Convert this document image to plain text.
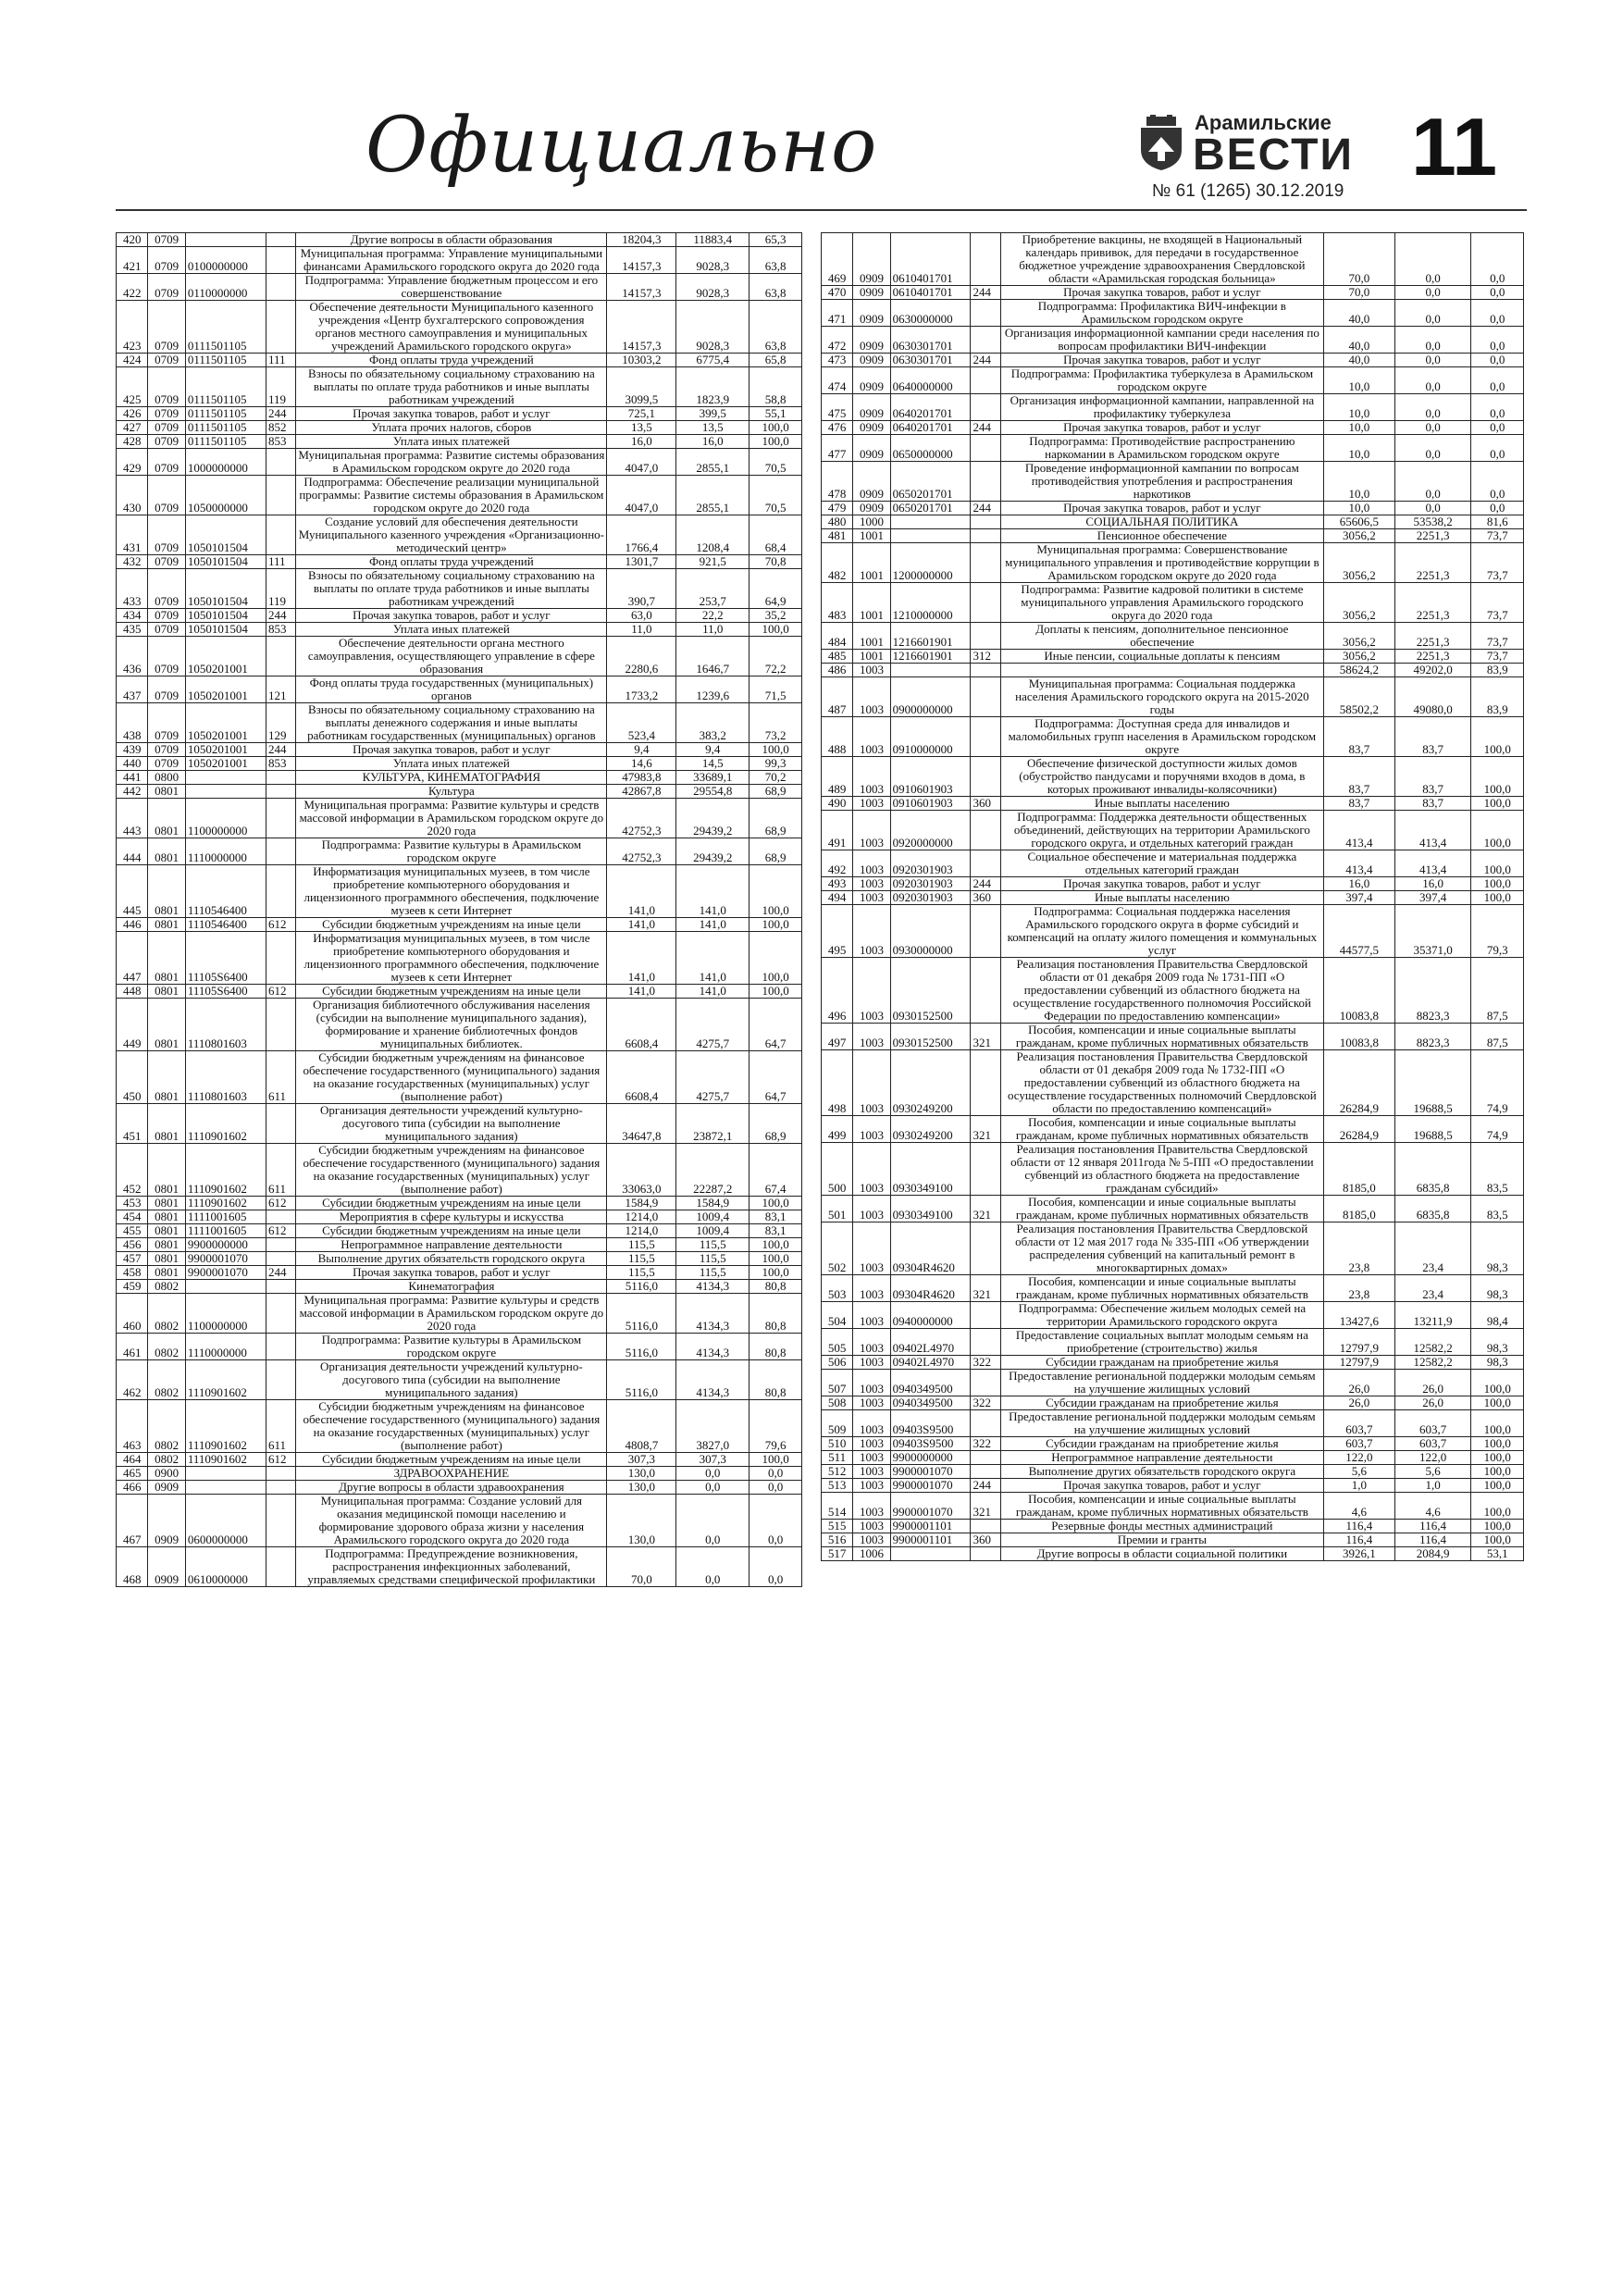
Официально	Арамильские
ВЕСТИ
№ 61 (1265) 30.12.2019 11
420	0709			Другие вопросы в области образования	18204,3	11883,4	65,3
421	0709	0100000000		Муниципальная программа: Управление муниципальными финансами Арамильского городского округа до 2020 года	14157,3	9028,3	63,8
422	0709	0110000000		Подпрограмма: Управление бюджетным процессом и его совершенствование	14157,3	9028,3	63,8
423	0709	0111501105		Обеспечение деятельности Муниципального казенного учреждения «Центр бухгалтерского сопровождения органов местного самоуправления и муниципальных учреждений Арамильского городского округа»	14157,3	9028,3	63,8
424	0709	0111501105	111	Фонд оплаты труда учреждений	10303,2	6775,4	65,8
425	0709	0111501105	119	Взносы по обязательному социальному страхованию на выплаты по оплате труда работников и иные выплаты работникам учреждений	3099,5	1823,9	58,8
426	0709	0111501105	244	Прочая закупка товаров, работ и услуг	725,1	399,5	55,1
427	0709	0111501105	852	Уплата прочих налогов, сборов	13,5	13,5	100,0
428	0709	0111501105	853	Уплата иных платежей	16,0	16,0	100,0
429	0709	1000000000		Муниципальная программа: Развитие системы образования в Арамильском городском округе до 2020 года	4047,0	2855,1	70,5
430	0709	1050000000		Подпрограмма: Обеспечение реализации муниципальной программы: Развитие системы образования в Арамильском городском округе до 2020 года	4047,0	2855,1	70,5
431	0709	1050101504		Создание условий для обеспечения деятельности Муниципального казенного учреждения «Организационно-методический центр»	1766,4	1208,4	68,4
432	0709	1050101504	111	Фонд оплаты труда учреждений	1301,7	921,5	70,8
433	0709	1050101504	119	Взносы по обязательному социальному страхованию на выплаты по оплате труда работников и иные выплаты работникам учреждений	390,7	253,7	64,9
434	0709	1050101504	244	Прочая закупка товаров, работ и услуг	63,0	22,2	35,2
435	0709	1050101504	853	Уплата иных платежей	11,0	11,0	100,0
436	0709	1050201001		Обеспечение деятельности органа местного самоуправления, осуществляющего управление в сфере образования	2280,6	1646,7	72,2
437	0709	1050201001	121	Фонд оплаты труда государственных (муниципальных) органов	1733,2	1239,6	71,5
438	0709	1050201001	129	Взносы по обязательному социальному страхованию на выплаты денежного содержания и иные выплаты работникам государственных (муниципальных) органов	523,4	383,2	73,2
439	0709	1050201001	244	Прочая закупка товаров, работ и услуг	9,4	9,4	100,0
440	0709	1050201001	853	Уплата иных платежей	14,6	14,5	99,3
441	0800			КУЛЬТУРА, КИНЕМАТОГРАФИЯ	47983,8	33689,1	70,2
442	0801			Культура	42867,8	29554,8	68,9
443	0801	1100000000		Муниципальная программа: Развитие культуры и средств массовой информации в Арамильском городском округе до 2020 года	42752,3	29439,2	68,9
444	0801	1110000000		Подпрограмма: Развитие культуры в Арамильском городском округе	42752,3	29439,2	68,9
445	0801	1110546400		Информатизация муниципальных музеев, в том числе приобретение компьютерного оборудования и лицензионного программного обеспечения, подключение музеев к сети Интернет	141,0	141,0	100,0
446	0801	1110546400	612	Субсидии бюджетным учреждениям на иные цели	141,0	141,0	100,0
447	0801	11105S6400		Информатизация муниципальных музеев, в том числе приобретение компьютерного оборудования и лицензионного программного обеспечения, подключение музеев к сети Интернет	141,0	141,0	100,0
448	0801	11105S6400	612	Субсидии бюджетным учреждениям на иные цели	141,0	141,0	100,0
449	0801	1110801603		Организация библиотечного обслуживания населения (субсидии на выполнение муниципального задания), формирование и хранение библиотечных фондов муниципальных библиотек.	6608,4	4275,7	64,7
450	0801	1110801603	611	Субсидии бюджетным учреждениям на финансовое обеспечение государственного (муниципального) задания на оказание государственных (муниципальных) услуг (выполнение работ)	6608,4	4275,7	64,7
451	0801	1110901602		Организация деятельности учреждений культурно-досугового типа (субсидии на выполнение муниципального задания)	34647,8	23872,1	68,9
452	0801	1110901602	611	Субсидии бюджетным учреждениям на финансовое обеспечение государственного (муниципального) задания на оказание государственных (муниципальных) услуг (выполнение работ)	33063,0	22287,2	67,4
453	0801	1110901602	612	Субсидии бюджетным учреждениям на иные цели	1584,9	1584,9	100,0
454	0801	1111001605		Мероприятия в сфере культуры и искусства	1214,0	1009,4	83,1
455	0801	1111001605	612	Субсидии бюджетным учреждениям на иные цели	1214,0	1009,4	83,1
456	0801	9900000000		Непрограммное направление деятельности	115,5	115,5	100,0
457	0801	9900001070		Выполнение других обязательств городского округа	115,5	115,5	100,0
458	0801	9900001070	244	Прочая закупка товаров, работ и услуг	115,5	115,5	100,0
459	0802			Кинематография	5116,0	4134,3	80,8
460	0802	1100000000		Муниципальная программа: Развитие культуры и средств массовой информации в Арамильском городском округе до 2020 года	5116,0	4134,3	80,8
461	0802	1110000000		Подпрограмма: Развитие культуры в Арамильском городском округе	5116,0	4134,3	80,8
462	0802	1110901602		Организация деятельности учреждений культурно-досугового типа (субсидии на выполнение муниципального задания)	5116,0	4134,3	80,8
463	0802	1110901602	611	Субсидии бюджетным учреждениям на финансовое обеспечение государственного (муниципального) задания на оказание государственных (муниципальных) услуг (выполнение работ)	4808,7	3827,0	79,6
464	0802	1110901602	612	Субсидии бюджетным учреждениям на иные цели	307,3	307,3	100,0
465	0900			ЗДРАВООХРАНЕНИЕ	130,0	0,0	0,0
466	0909			Другие вопросы в области здравоохранения	130,0	0,0	0,0
467	0909	0600000000		Муниципальная программа: Создание условий для оказания медицинской помощи населению и формирование здорового образа жизни у населения Арамильского городского округа до 2020 года	130,0	0,0	0,0
468	0909	0610000000		Подпрограмма: Предупреждение возникновения, распространения инфекционных заболеваний, управляемых средствами специфической профилактики	70,0	0,0	0,0
469	0909	0610401701		Приобретение вакцины, не входящей в Национальный календарь прививок, для передачи в государственное бюджетное учреждение здравоохранения Свердловской области «Арамильская городская больница»	70,0	0,0	0,0
470	0909	0610401701	244	Прочая закупка товаров, работ и услуг	70,0	0,0	0,0
471	0909	0630000000		Подпрограмма: Профилактика ВИЧ-инфекции в Арамильском городском округе	40,0	0,0	0,0
472	0909	0630301701		Организация информационной кампании среди населения по вопросам профилактики ВИЧ-инфекции	40,0	0,0	0,0
473	0909	0630301701	244	Прочая закупка товаров, работ и услуг	40,0	0,0	0,0
474	0909	0640000000		Подпрограмма: Профилактика туберкулеза в Арамильском городском округе	10,0	0,0	0,0
475	0909	0640201701		Организация информационной кампании, направленной на профилактику туберкулеза	10,0	0,0	0,0
476	0909	0640201701	244	Прочая закупка товаров, работ и услуг	10,0	0,0	0,0
477	0909	0650000000		Подпрограмма: Противодействие распространению наркомании в Арамильском городском округе	10,0	0,0	0,0
478	0909	0650201701		Проведение информационной кампании по вопросам противодействия употребления и распространения наркотиков	10,0	0,0	0,0
479	0909	0650201701	244	Прочая закупка товаров, работ и услуг	10,0	0,0	0,0
480	1000			СОЦИАЛЬНАЯ ПОЛИТИКА	65606,5	53538,2	81,6
481	1001			Пенсионное обеспечение	3056,2	2251,3	73,7
482	1001	1200000000		Муниципальная программа: Совершенствование муниципального управления и противодействие коррупции в Арамильском городском округе до 2020 года	3056,2	2251,3	73,7
483	1001	1210000000		Подпрограмма: Развитие кадровой политики в системе муниципального управления Арамильского городского округа до 2020 года	3056,2	2251,3	73,7
484	1001	1216601901		Доплаты к пенсиям, дополнительное пенсионное обеспечение	3056,2	2251,3	73,7
485	1001	1216601901	312	Иные пенсии, социальные доплаты к пенсиям	3056,2	2251,3	73,7
486	1003				58624,2	49202,0	83,9
487	1003	0900000000		Муниципальная программа: Социальная поддержка населения Арамильского городского округа на 2015-2020 годы	58502,2	49080,0	83,9
488	1003	0910000000		Подпрограмма: Доступная среда для инвалидов и маломобильных групп населения в Арамильском городском округе	83,7	83,7	100,0
489	1003	0910601903		Обеспечение физической доступности жилых домов (обустройство пандусами и поручнями входов в дома, в которых проживают инвалиды-колясочники)	83,7	83,7	100,0
490	1003	0910601903	360	Иные выплаты населению	83,7	83,7	100,0
491	1003	0920000000		Подпрограмма: Поддержка деятельности общественных объединений, действующих на территории Арамильского городского округа, и отдельных категорий граждан	413,4	413,4	100,0
492	1003	0920301903		Социальное обеспечение и материальная поддержка отдельных категорий граждан	413,4	413,4	100,0
493	1003	0920301903	244	Прочая закупка товаров, работ и услуг	16,0	16,0	100,0
494	1003	0920301903	360	Иные выплаты населению	397,4	397,4	100,0
495	1003	0930000000		Подпрограмма: Социальная поддержка населения Арамильского городского округа в форме субсидий и компенсаций на оплату жилого помещения и коммунальных услуг	44577,5	35371,0	79,3
496	1003	0930152500		Реализация постановления Правительства Свердловской области от 01 декабря 2009 года № 1731-ПП «О предоставлении субвенций из областного бюджета на осуществление государственного полномочия Российской Федерации по предоставлению компенсации»	10083,8	8823,3	87,5
497	1003	0930152500	321	Пособия, компенсации и иные социальные выплаты гражданам, кроме публичных нормативных обязательств	10083,8	8823,3	87,5
498	1003	0930249200		Реализация постановления Правительства Свердловской области от 01 декабря 2009 года № 1732-ПП «О предоставлении субвенций из областного бюджета на осуществление государственных полномочий Свердловской области по предоставлению компенсаций»	26284,9	19688,5	74,9
499	1003	0930249200	321	Пособия, компенсации и иные социальные выплаты гражданам, кроме публичных нормативных обязательств	26284,9	19688,5	74,9
500	1003	0930349100		Реализация постановления Правительства Свердловской области от 12 января 2011года № 5-ПП «О предоставлении субвенций из областного бюджета на предоставление гражданам субсидий»	8185,0	6835,8	83,5
501	1003	0930349100	321	Пособия, компенсации и иные социальные выплаты гражданам, кроме публичных нормативных обязательств	8185,0	6835,8	83,5
502	1003	09304R4620		Реализация постановления Правительства Свердловской области от 12 мая 2017 года № 335-ПП «Об утверждении распределения субвенций на капитальный ремонт в многоквартирных домах»	23,8	23,4	98,3
503	1003	09304R4620	321	Пособия, компенсации и иные социальные выплаты гражданам, кроме публичных нормативных обязательств	23,8	23,4	98,3
504	1003	0940000000		Подпрограмма: Обеспечение жильем молодых семей на территории Арамильского городского округа	13427,6	13211,9	98,4
505	1003	09402L4970		Предоставление социальных выплат молодым семьям на приобретение (строительство) жилья	12797,9	12582,2	98,3
506	1003	09402L4970	322	Субсидии гражданам на приобретение жилья	12797,9	12582,2	98,3
507	1003	0940349500		Предоставление региональной поддержки молодым семьям на улучшение жилищных условий	26,0	26,0	100,0
508	1003	0940349500	322	Субсидии гражданам на приобретение жилья	26,0	26,0	100,0
509	1003	09403S9500		Предоставление региональной поддержки молодым семьям на улучшение жилищных условий	603,7	603,7	100,0
510	1003	09403S9500	322	Субсидии гражданам на приобретение жилья	603,7	603,7	100,0
511	1003	9900000000		Непрограммное направление деятельности	122,0	122,0	100,0
512	1003	9900001070		Выполнение других обязательств городского округа	5,6	5,6	100,0
513	1003	9900001070	244	Прочая закупка товаров, работ и услуг	1,0	1,0	100,0
514	1003	9900001070	321	Пособия, компенсации и иные социальные выплаты гражданам, кроме публичных нормативных обязательств	4,6	4,6	100,0
515	1003	9900001101		Резервные фонды местных администраций	116,4	116,4	100,0
516	1003	9900001101	360	Премии и гранты	116,4	116,4	100,0
517	1006			Другие вопросы в области социальной политики	3926,1	2084,9	53,1
